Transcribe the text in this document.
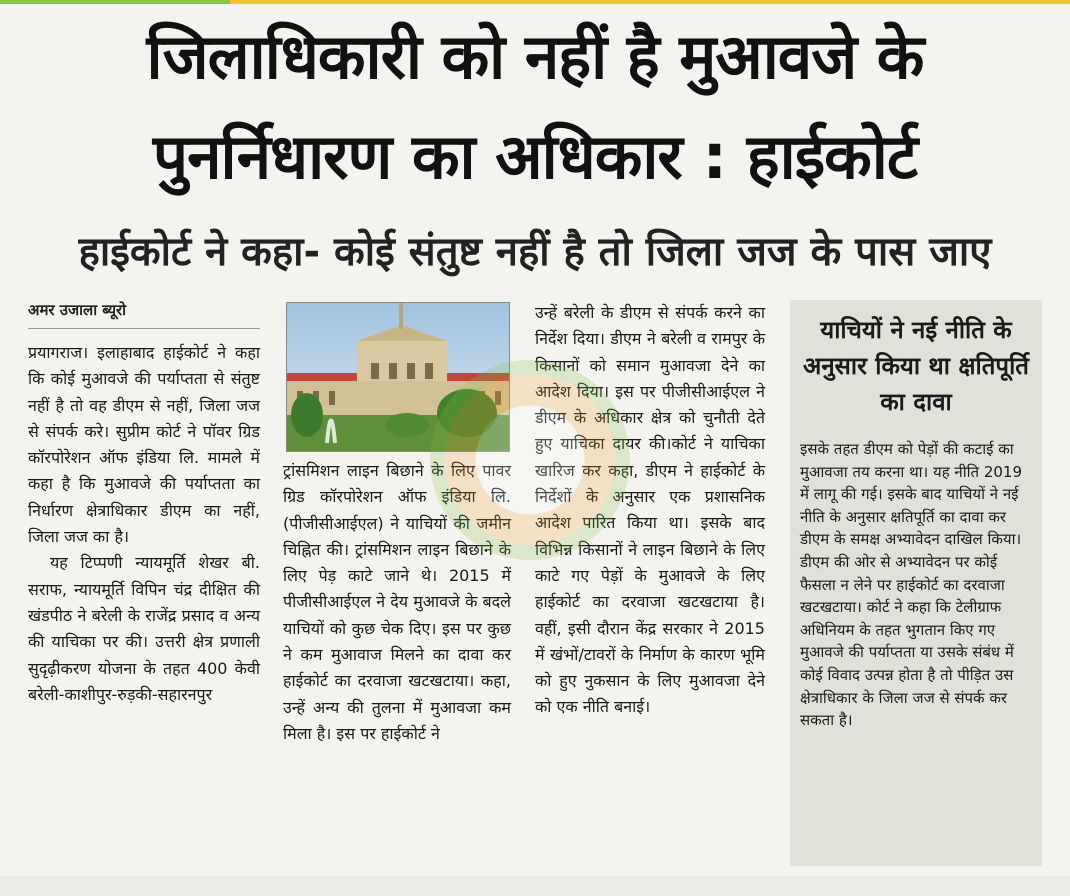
जिलाधिकारी को नहीं है मुआवजे के
पुनर्निधारण का अधिकार : हाईकोर्ट
हाईकोर्ट ने कहा- कोई संतुष्ट नहीं है तो जिला जज के पास जाए
अमर उजाला ब्यूरो

प्रयागराज। इलाहाबाद हाईकोर्ट ने कहा कि कोई मुआवजे की पर्याप्तता से संतुष्ट नहीं है तो वह डीएम से नहीं, जिला जज से संपर्क करे। सुप्रीम कोर्ट ने पॉवर ग्रिड कॉरपोरेशन ऑफ इंडिया लि. मामले में कहा है कि मुआवजे की पर्याप्तता का निर्धारण क्षेत्राधिकार डीएम का नहीं, जिला जज का है।

यह टिप्पणी न्यायमूर्ति शेखर बी. सराफ, न्यायमूर्ति विपिन चंद्र दीक्षित की खंडपीठ ने बरेली के राजेंद्र प्रसाद व अन्य की याचिका पर की। उत्तरी क्षेत्र प्रणाली सुदृढ़ीकरण योजना के तहत 400 केवी बरेली-काशीपुर-रुड़की-सहारनपुर

ट्रांसमिशन लाइन बिछाने के लिए पावर ग्रिड कॉरपोरेशन ऑफ इंडिया लि. (पीजीसीआईएल) ने याचियों की जमीन चिह्नित की। ट्रांसमिशन लाइन बिछाने के लिए पेड़ काटे जाने थे। 2015 में पीजीसीआईएल ने देय मुआवजे के बदले याचियों को कुछ चेक दिए। इस पर कुछ ने कम मुआवाज मिलने का दावा कर हाईकोर्ट का दरवाजा खटखटाया। कहा, उन्हें अन्य की तुलना में मुआवजा कम मिला है। इस पर हाईकोर्ट ने

उन्हें बरेली के डीएम से संपर्क करने का निर्देश दिया। डीएम ने बरेली व रामपुर के किसानों को समान मुआवजा देने का आदेश दिया। इस पर पीजीसीआईएल ने डीएम के अधिकार क्षेत्र को चुनौती देते हुए याचिका दायर की।कोर्ट ने याचिका खारिज कर कहा, डीएम ने हाईकोर्ट के निर्देशों के अनुसार एक प्रशासनिक आदेश पारित किया था। इसके बाद विभिन्न किसानों ने लाइन बिछाने के लिए काटे गए पेड़ों के मुआवजे के लिए हाईकोर्ट का दरवाजा खटखटाया है। वहीं, इसी दौरान केंद्र सरकार ने 2015 में खंभों/टावरों के निर्माण के कारण भूमि को हुए नुकसान के लिए मुआवजा देने को एक नीति बनाई।

याचियों ने नई नीति के अनुसार किया था क्षतिपूर्ति का दावा

इसके तहत डीएम को पेड़ों की कटाई का मुआवजा तय करना था। यह नीति 2019 में लागू की गई। इसके बाद याचियों ने नई नीति के अनुसार क्षतिपूर्ति का दावा कर डीएम के समक्ष अभ्यावेदन दाखिल किया। डीएम की ओर से अभ्यावेदन पर कोई फैसला न लेने पर हाईकोर्ट का दरवाजा खटखटाया। कोर्ट ने कहा कि टेलीग्राफ अधिनियम के तहत भुगतान किए गए मुआवजे की पर्याप्तता या उसके संबंध में कोई विवाद उत्पन्न होता है तो पीड़ित उस क्षेत्राधिकार के जिला जज से संपर्क कर सकता है।
